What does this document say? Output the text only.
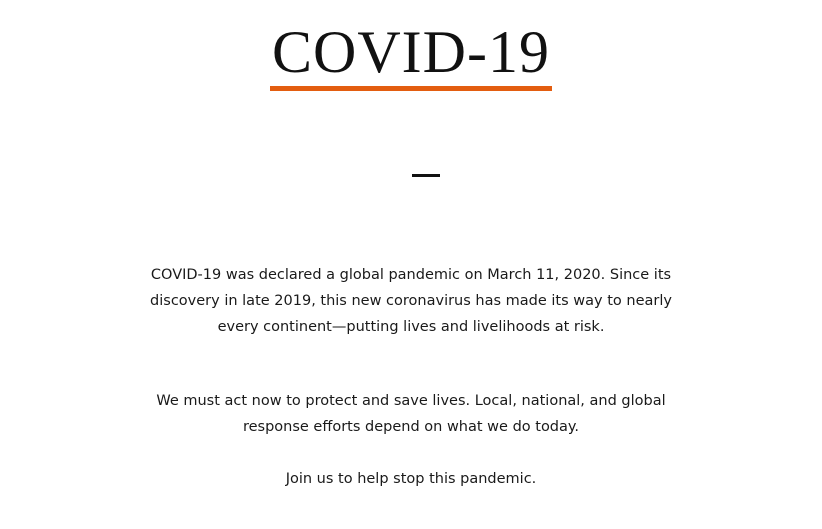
COVID-19

COVID-19 was declared a global pandemic on March 11, 2020. Since its
discovery in late 2019, this new coronavirus has made its way to nearly
every continent—putting lives and livelihoods at risk.

We must act now to protect and save lives. Local, national, and global
response efforts depend on what we do today.

Join us to help stop this pandemic.
